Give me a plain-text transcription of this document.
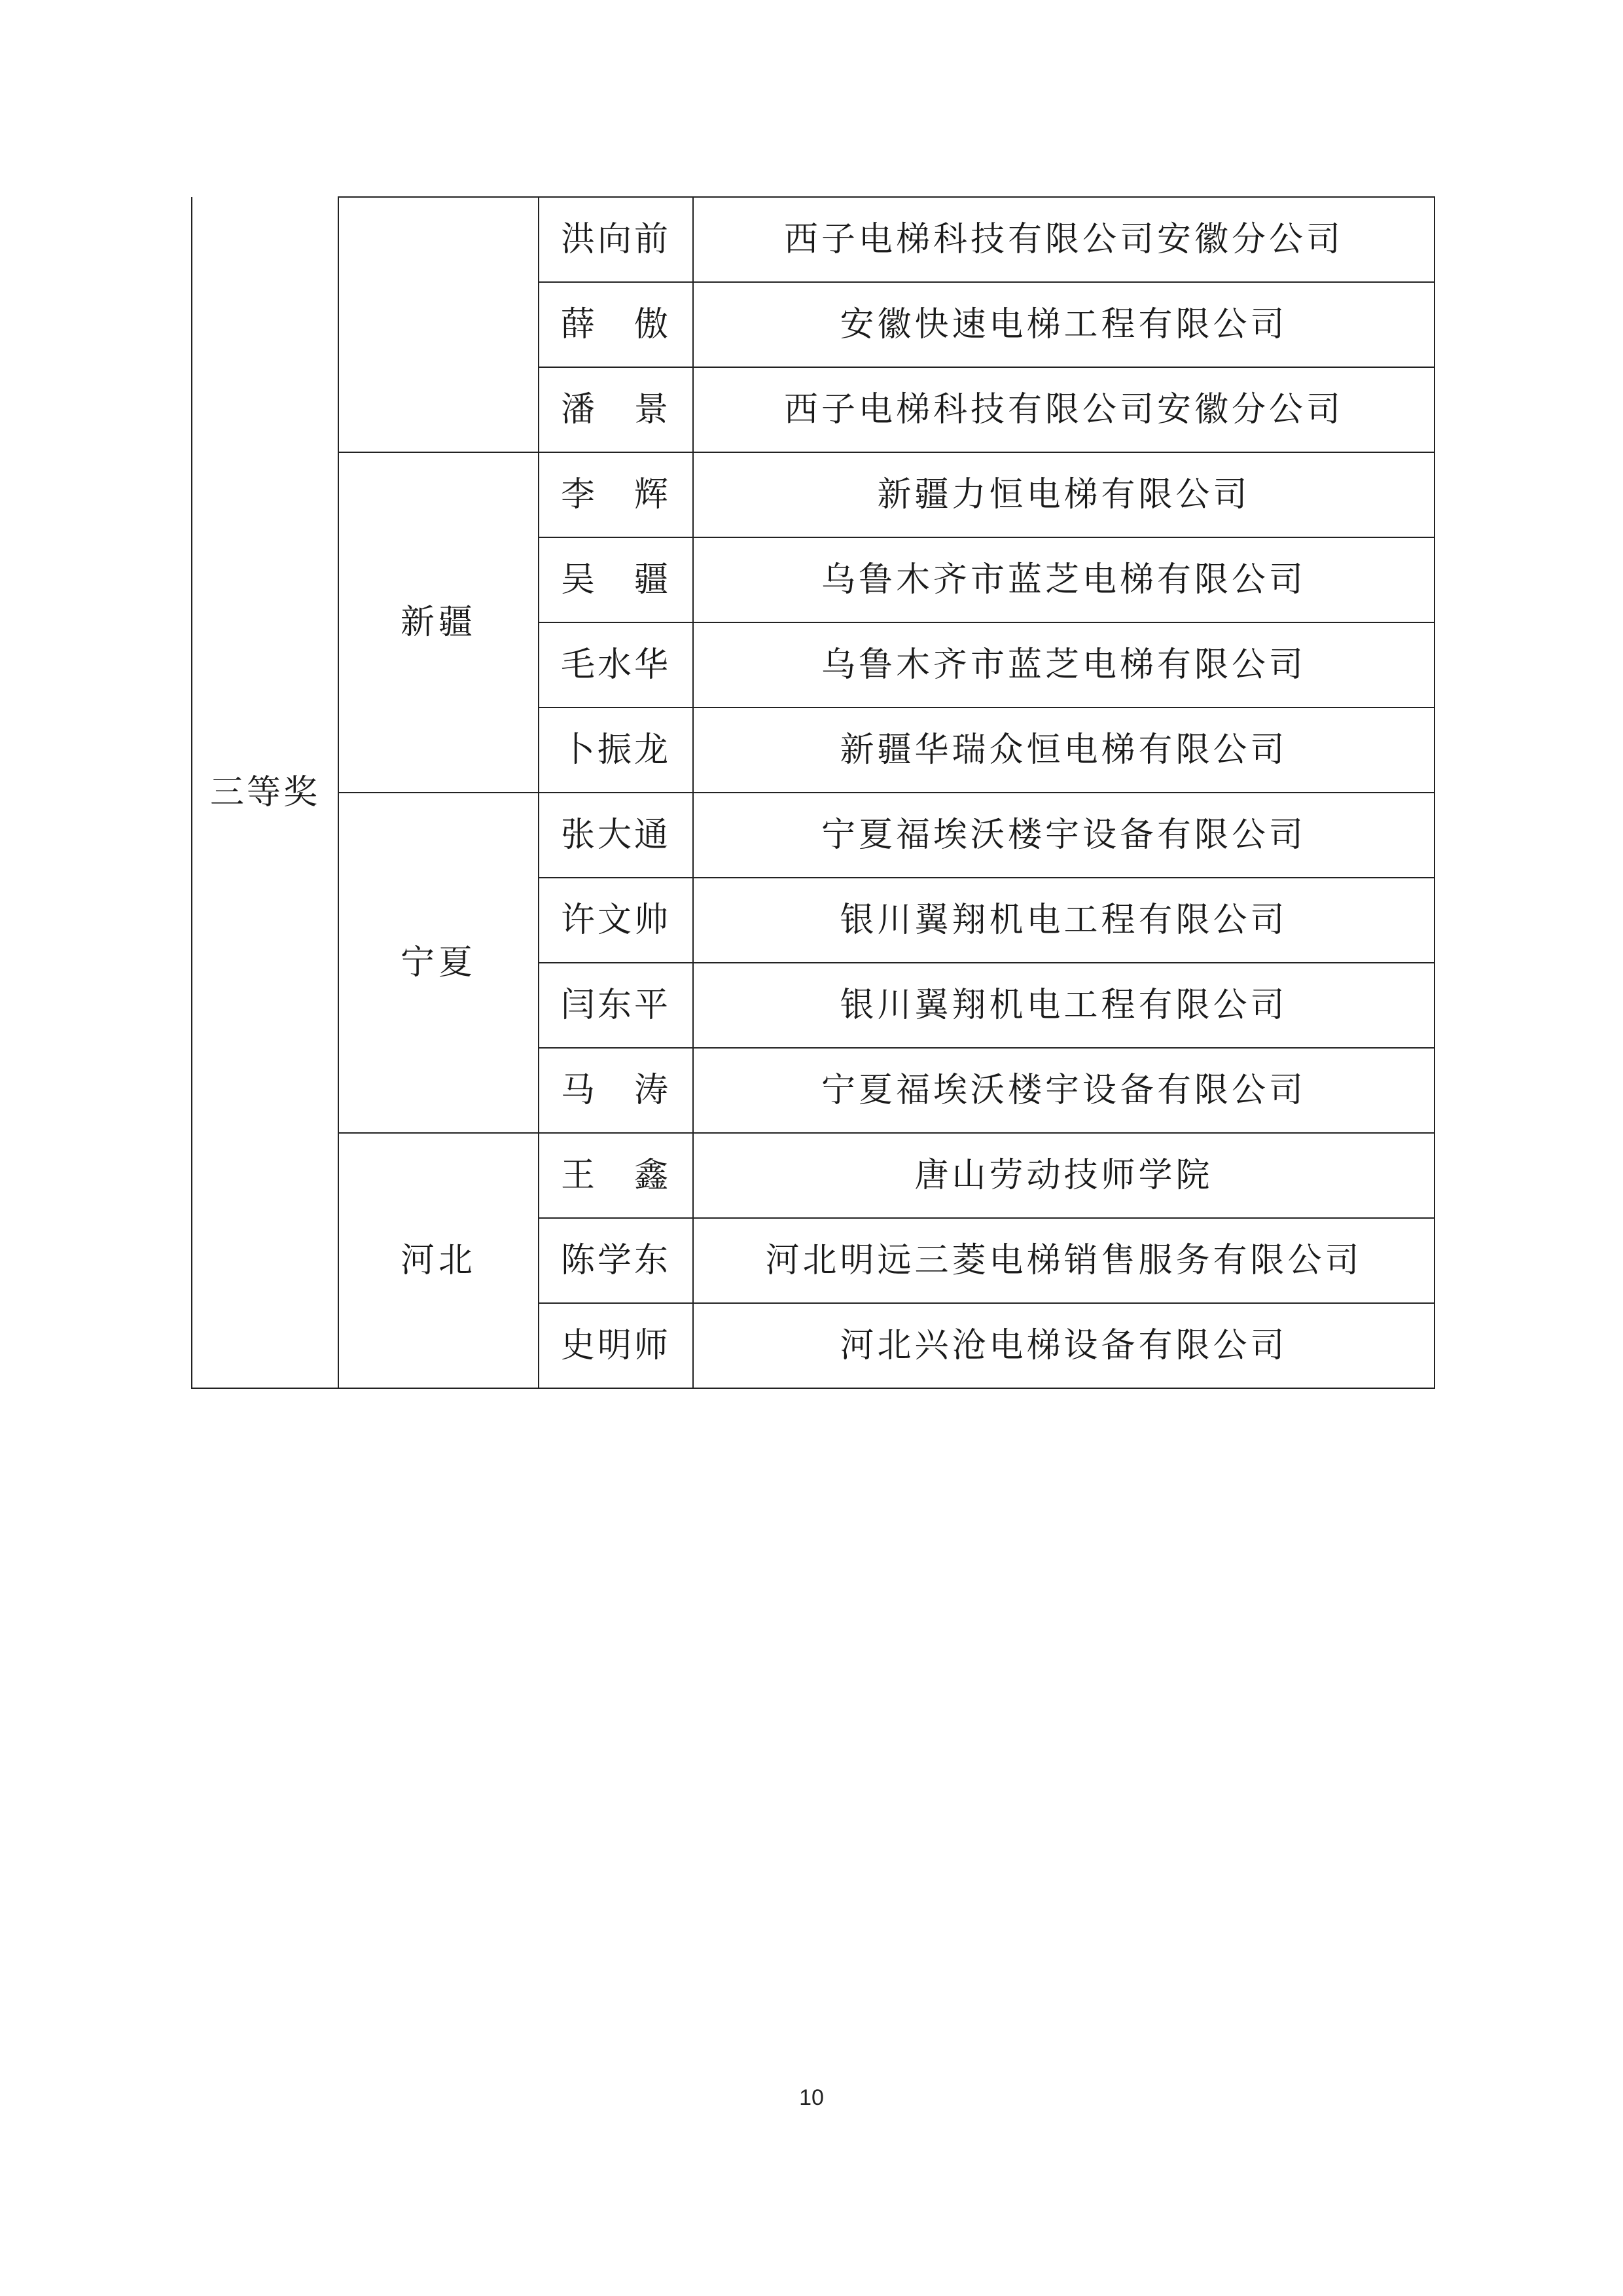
三等奖		洪向前	西子电梯科技有限公司安徽分公司
		薛　傲	安徽快速电梯工程有限公司
		潘　景	西子电梯科技有限公司安徽分公司
	新疆	李　辉	新疆力恒电梯有限公司
		吴　疆	乌鲁木齐市蓝芝电梯有限公司
		毛水华	乌鲁木齐市蓝芝电梯有限公司
		卜振龙	新疆华瑞众恒电梯有限公司
	宁夏	张大通	宁夏福埃沃楼宇设备有限公司
		许文帅	银川翼翔机电工程有限公司
		闫东平	银川翼翔机电工程有限公司
		马　涛	宁夏福埃沃楼宇设备有限公司
	河北	王　鑫	唐山劳动技师学院
		陈学东	河北明远三菱电梯销售服务有限公司
		史明师	河北兴沧电梯设备有限公司
10
